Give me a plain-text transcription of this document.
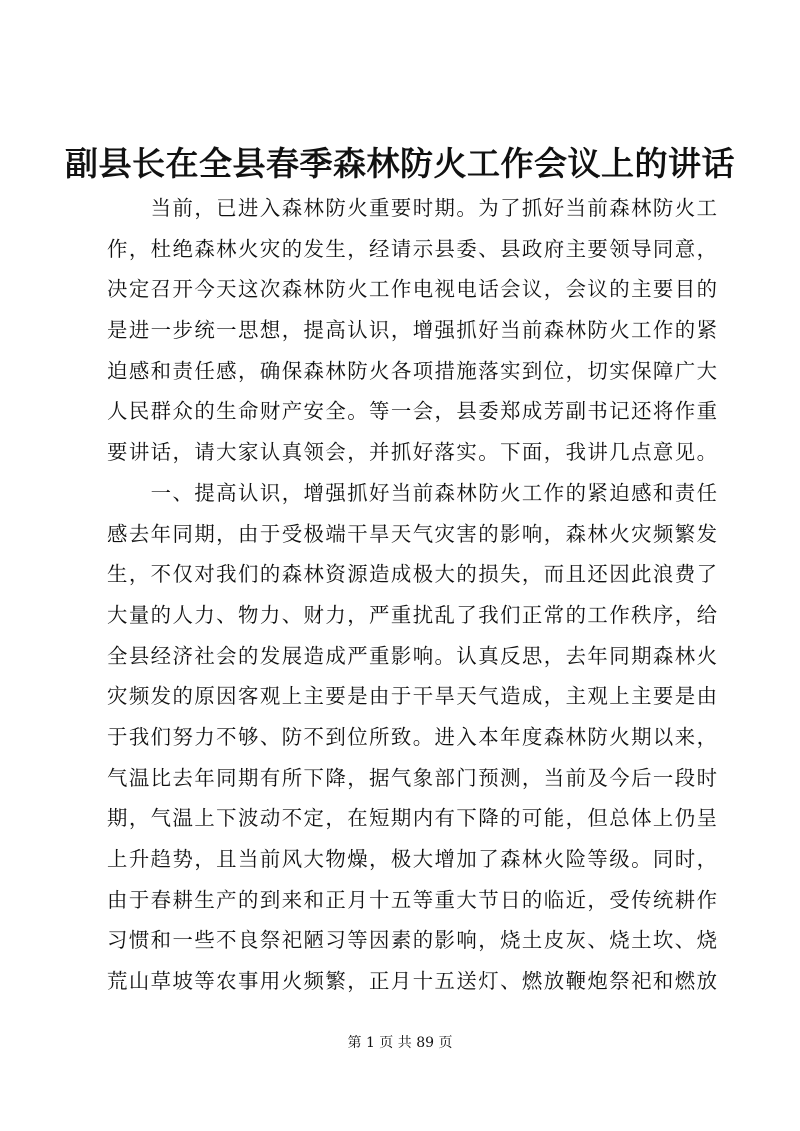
副县长在全县春季森林防火工作会议上的讲话
　　当前，已进入森林防火重要时期。为了抓好当前森林防火工
作，杜绝森林火灾的发生，经请示县委、县政府主要领导同意，
决定召开今天这次森林防火工作电视电话会议，会议的主要目的
是进一步统一思想，提高认识，增强抓好当前森林防火工作的紧
迫感和责任感，确保森林防火各项措施落实到位，切实保障广大
人民群众的生命财产安全。等一会，县委郑成芳副书记还将作重
要讲话，请大家认真领会，并抓好落实。下面，我讲几点意见。
　　一、提高认识，增强抓好当前森林防火工作的紧迫感和责任
感去年同期，由于受极端干旱天气灾害的影响，森林火灾频繁发
生，不仅对我们的森林资源造成极大的损失，而且还因此浪费了
大量的人力、物力、财力，严重扰乱了我们正常的工作秩序，给
全县经济社会的发展造成严重影响。认真反思，去年同期森林火
灾频发的原因客观上主要是由于干旱天气造成，主观上主要是由
于我们努力不够、防不到位所致。进入本年度森林防火期以来，
气温比去年同期有所下降，据气象部门预测，当前及今后一段时
期，气温上下波动不定，在短期内有下降的可能，但总体上仍呈
上升趋势，且当前风大物燥，极大增加了森林火险等级。同时，
由于春耕生产的到来和正月十五等重大节日的临近，受传统耕作
习惯和一些不良祭祀陋习等因素的影响，烧土皮灰、烧土坎、烧
荒山草坡等农事用火频繁，正月十五送灯、燃放鞭炮祭祀和燃放
第 1 页 共 89 页
